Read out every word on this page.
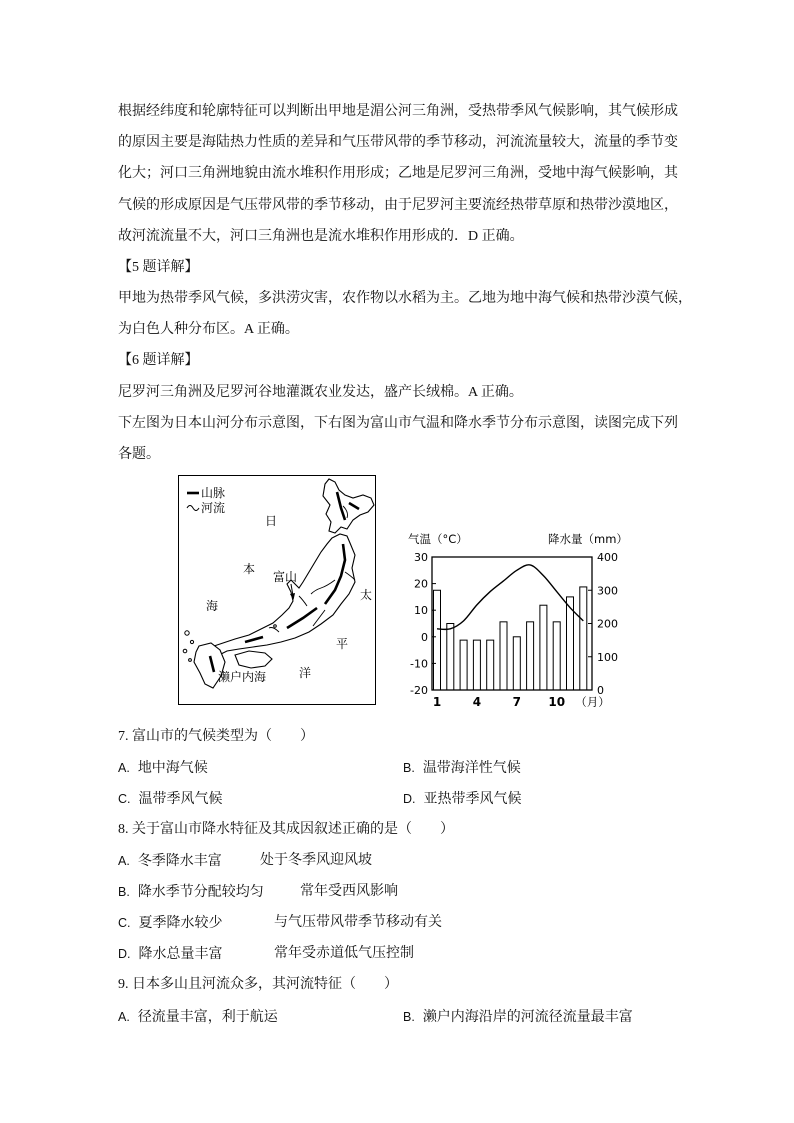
根据经纬度和轮廓特征可以判断出甲地是湄公河三角洲，受热带季风气候影响，其气候形成
的原因主要是海陆热力性质的差异和气压带风带的季节移动，河流流量较大，流量的季节变
化大；河口三角洲地貌由流水堆积作用形成；乙地是尼罗河三角洲，受地中海气候影响，其
气候的形成原因是气压带风带的季节移动，由于尼罗河主要流经热带草原和热带沙漠地区，
故河流流量不大，河口三角洲也是流水堆积作用形成的．D 正确。
【5 题详解】
甲地为热带季风气候，多洪涝灾害，农作物以水稻为主。乙地为地中海气候和热带沙漠气候，
为白色人种分布区。A 正确。
【6 题详解】
尼罗河三角洲及尼罗河谷地灌溉农业发达，盛产长绒棉。A 正确。
下左图为日本山河分布示意图，下右图为富山市气温和降水季节分布示意图，读图完成下列
各题。
山脉
河流
日
本
海
富山
太
平
洋
濑户内海
气温（°C）	降水量（mm）
30
20
10
0
-10
-20
400
300
200
100
0
1	4	7 10 （月）
7. 富山市的气候类型为（　　）
A. 地中海气候	B. 温带海洋性气候
C. 温带季风气候	D. 亚热带季风气候
8. 关于富山市降水特征及其成因叙述正确的是（　　）
A. 冬季降水丰富	处于冬季风迎风坡
B. 降水季节分配较均匀	常年受西风影响
C. 夏季降水较少	与气压带风带季节移动有关
D. 降水总量丰富	常年受赤道低气压控制
9. 日本多山且河流众多，其河流特征（　　）
A. 径流量丰富，利于航运	B. 濑户内海沿岸的河流径流量最丰富
